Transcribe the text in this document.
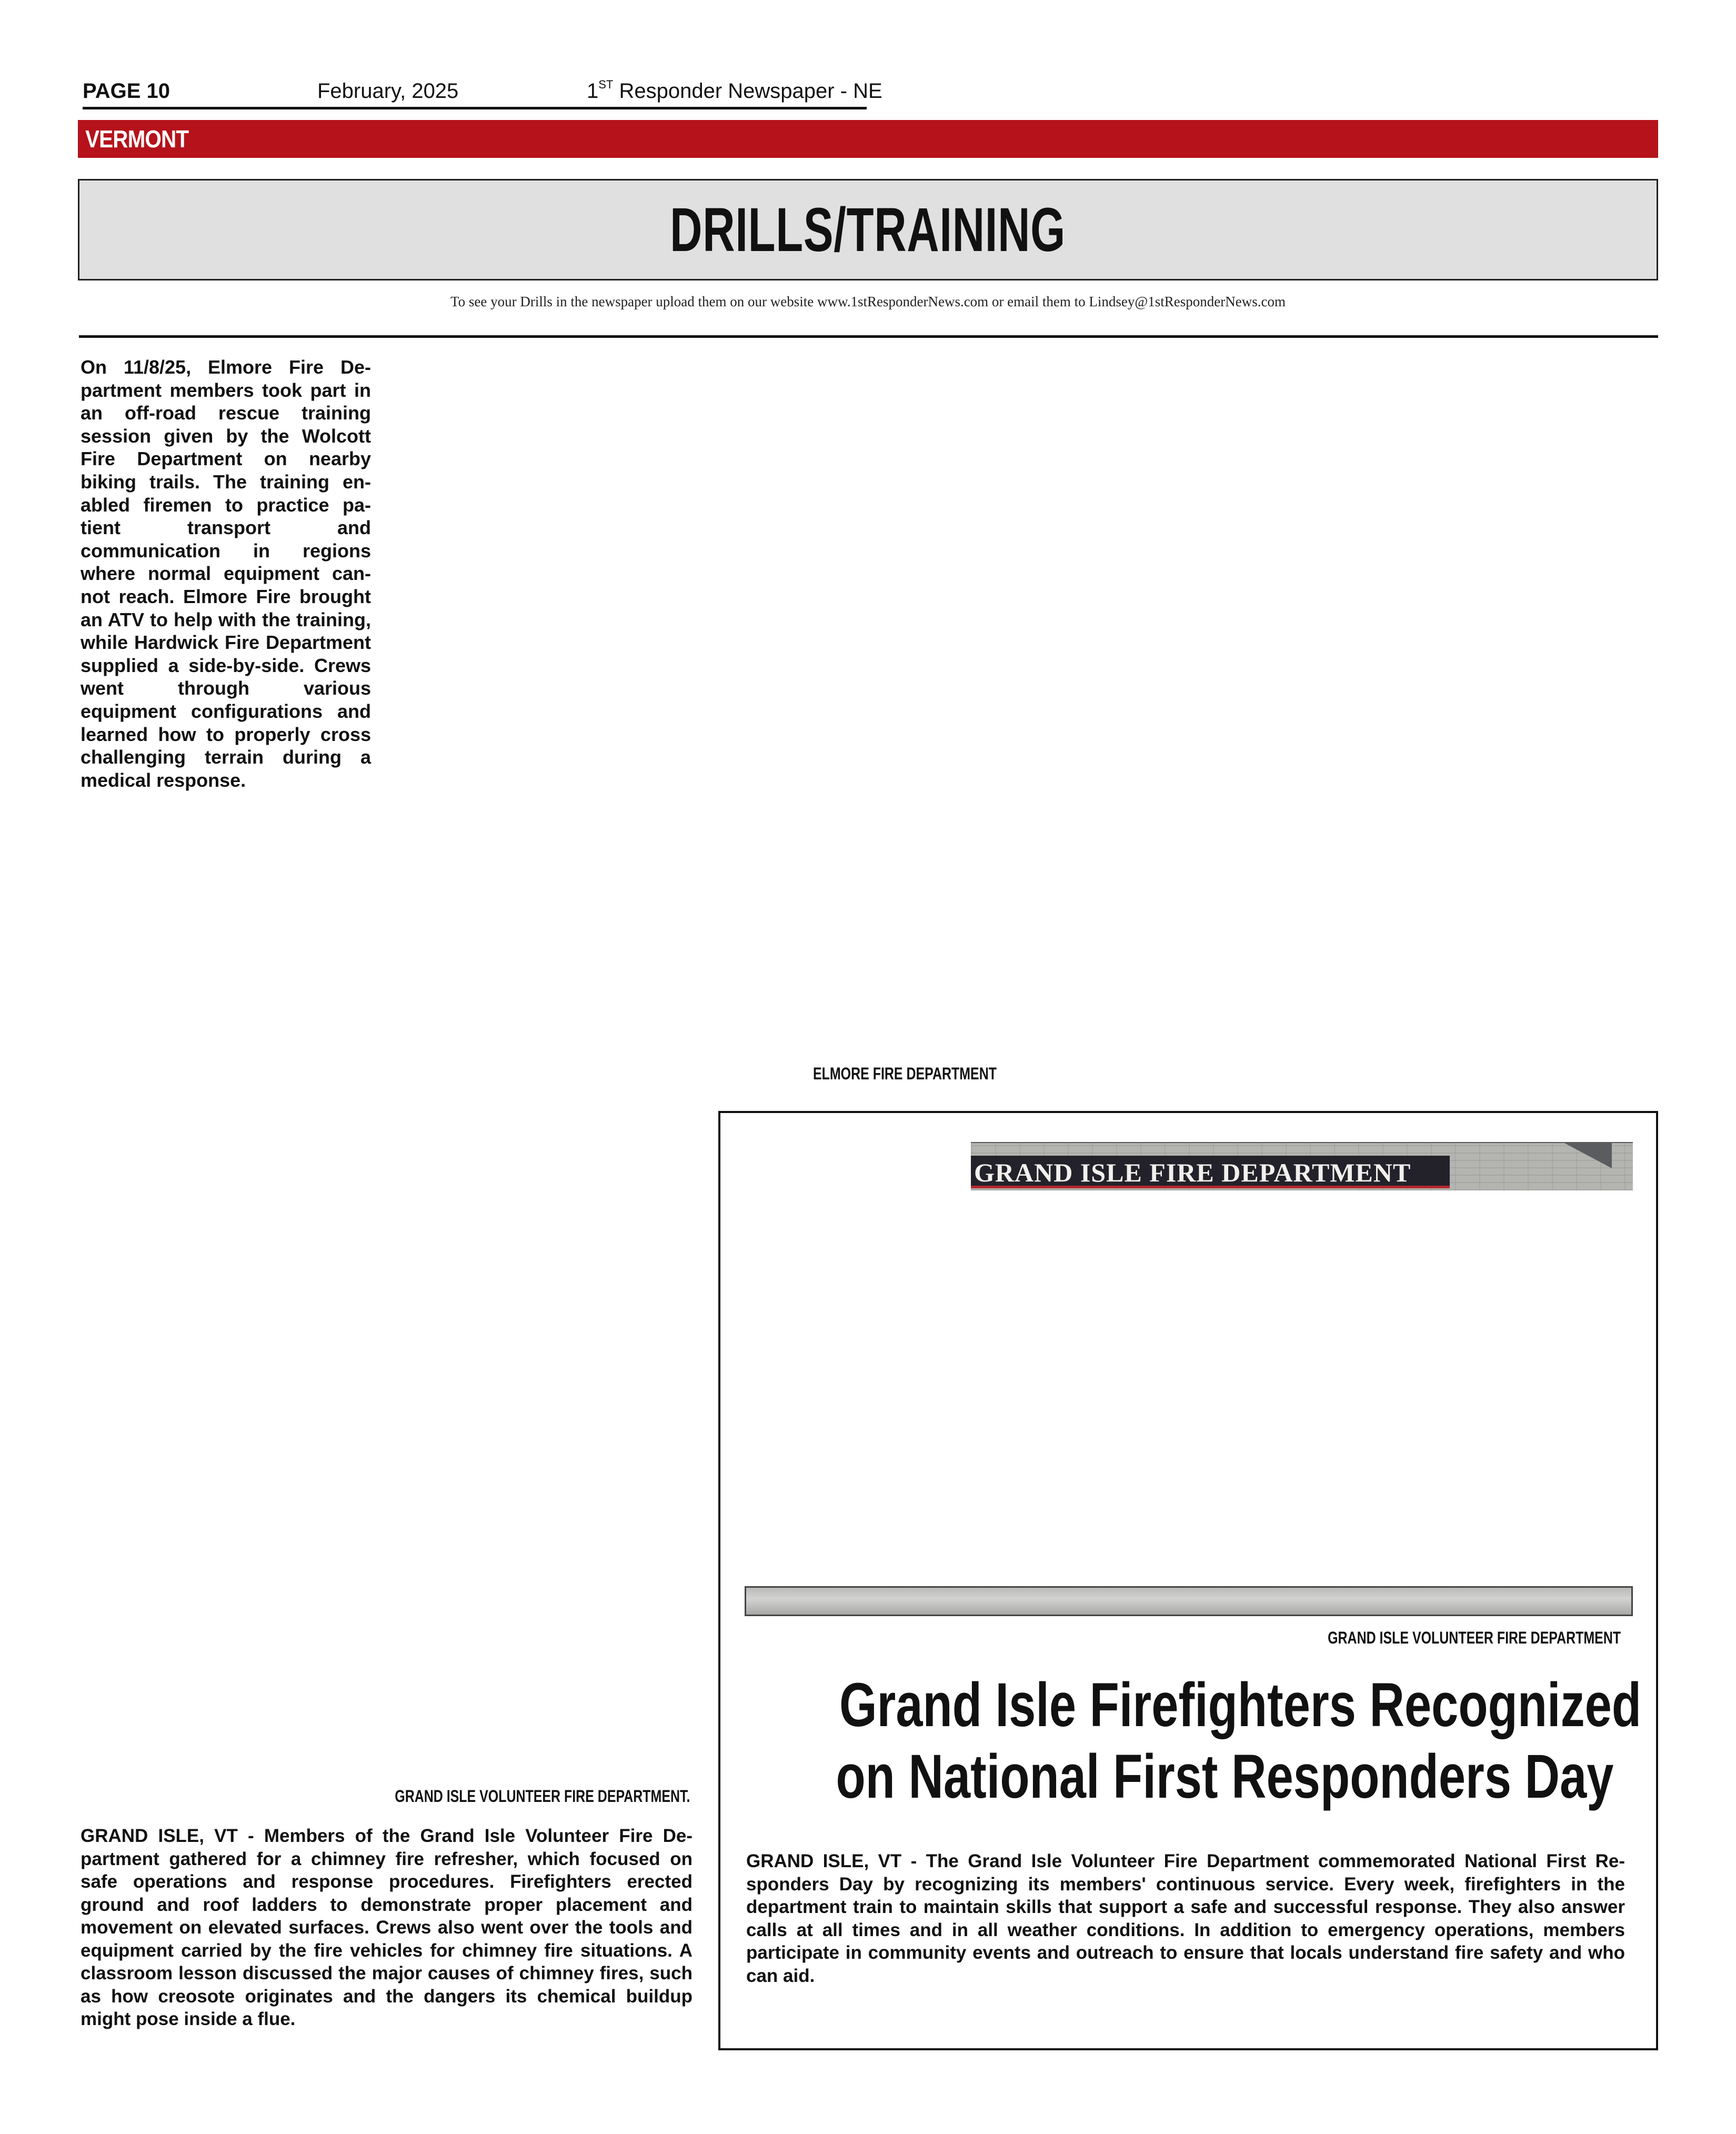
PAGE 10	February, 2025	1ST Responder Newspaper - NE
VERMONT
DRILLS/TRAINING
To see your Drills in the newspaper upload them on our website www.1stResponderNews.com or email them to Lindsey@1stResponderNews.com
On 11/8/25, Elmore Fire Department members took part in an off-road rescue training session given by the Wolcott Fire Department on nearby biking trails. The training enabled firemen to practice patient transport and communication in regions where normal equipment cannot reach. Elmore Fire brought an ATV to help with the training, while Hardwick Fire Department supplied a side-by-side. Crews went through various equipment configurations and learned how to properly cross challenging terrain during a medical response.
ELMORE FIRE DEPARTMENT
GRAND ISLE VOLUNTEER FIRE DEPARTMENT.
GRAND ISLE, VT - Members of the Grand Isle Volunteer Fire Department gathered for a chimney fire refresher, which focused on safe operations and response procedures. Firefighters erected ground and roof ladders to demonstrate proper placement and movement on elevated surfaces. Crews also went over the tools and equipment carried by the fire vehicles for chimney fire situations. A classroom lesson discussed the major causes of chimney fires, such as how creosote originates and the dangers its chemical buildup might pose inside a flue.
GRAND ISLE FIRE DEPARTMENT
GRAND ISLE VOLUNTEER FIRE DEPARTMENT
Grand Isle Firefighters Recognized
on National First Responders Day
GRAND ISLE, VT - The Grand Isle Volunteer Fire Department commemorated National First Responders Day by recognizing its members' continuous service. Every week, firefighters in the department train to maintain skills that support a safe and successful response. They also answer calls at all times and in all weather conditions. In addition to emergency operations, members participate in community events and outreach to ensure that locals understand fire safety and who can aid.
